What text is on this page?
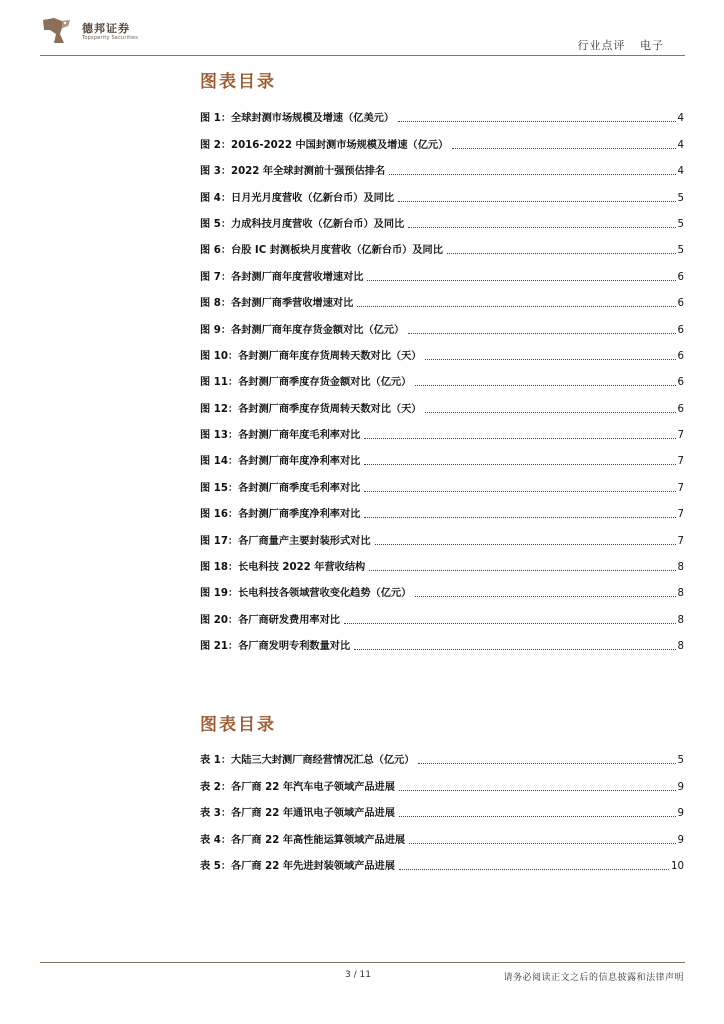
德邦证券
Topsperity Securities
行业点评 电子
图表目录
图 1：全球封测市场规模及增速（亿美元）	4
图 2：2016-2022 中国封测市场规模及增速（亿元）	4
图 3：2022 年全球封测前十强预估排名	4
图 4：日月光月度营收（亿新台币）及同比	5
图 5：力成科技月度营收（亿新台币）及同比	5
图 6：台股 IC 封测板块月度营收（亿新台币）及同比	5
图 7：各封测厂商年度营收增速对比	6
图 8：各封测厂商季营收增速对比	6
图 9：各封测厂商年度存货金额对比（亿元）	6
图 10：各封测厂商年度存货周转天数对比（天）	6
图 11：各封测厂商季度存货金额对比（亿元）	6
图 12：各封测厂商季度存货周转天数对比（天）	6
图 13：各封测厂商年度毛利率对比	7
图 14：各封测厂商年度净利率对比	7
图 15：各封测厂商季度毛利率对比	7
图 16：各封测厂商季度净利率对比	7
图 17：各厂商量产主要封装形式对比	7
图 18：长电科技 2022 年营收结构	8
图 19：长电科技各领域营收变化趋势（亿元）	8
图 20：各厂商研发费用率对比	8
图 21：各厂商发明专利数量对比	8
图表目录
表 1：大陆三大封测厂商经营情况汇总（亿元）	5
表 2：各厂商 22 年汽车电子领域产品进展	9
表 3：各厂商 22 年通讯电子领域产品进展	9
表 4：各厂商 22 年高性能运算领域产品进展	9
表 5：各厂商 22 年先进封装领域产品进展	10
3 / 11	请务必阅读正文之后的信息披露和法律声明
